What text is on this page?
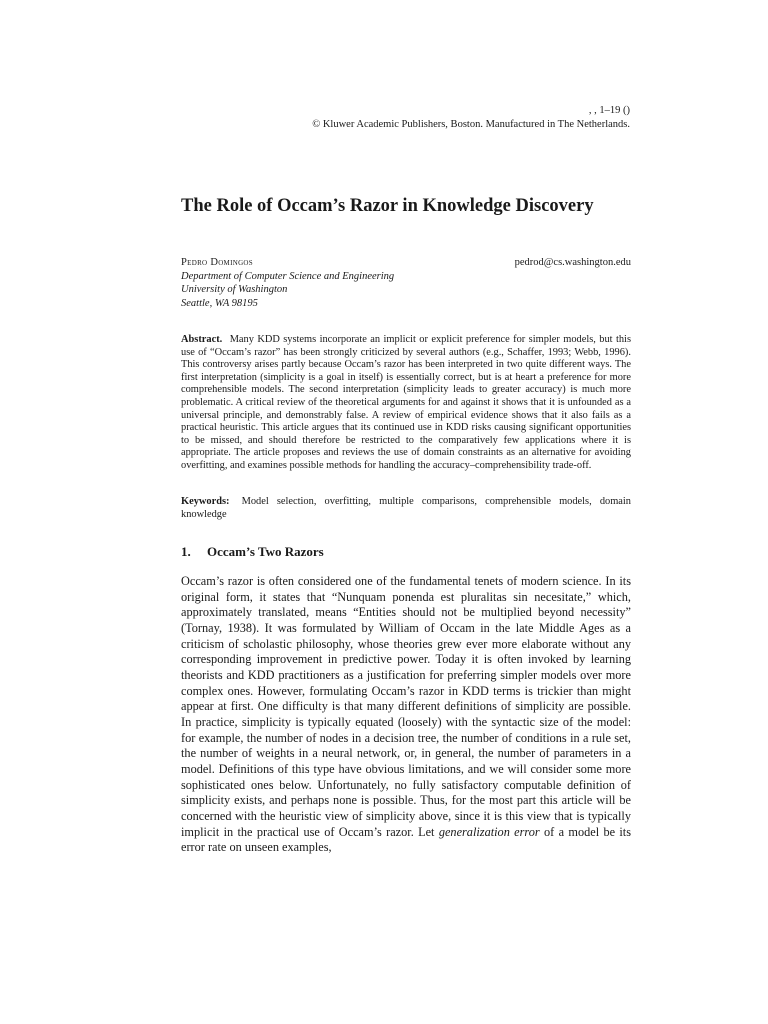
, , 1–19 ()
© Kluwer Academic Publishers, Boston. Manufactured in The Netherlands.
The Role of Occam’s Razor in Knowledge Discovery
Pedro Domingos	pedrod@cs.washington.edu
Department of Computer Science and Engineering
University of Washington
Seattle, WA 98195

Abstract. Many KDD systems incorporate an implicit or explicit preference for simpler models, but this use of “Occam’s razor” has been strongly criticized by several authors (e.g., Schaffer, 1993; Webb, 1996). This controversy arises partly because Occam’s razor has been interpreted in two quite different ways. The first interpretation (simplicity is a goal in itself) is essentially correct, but is at heart a preference for more comprehensible models. The second interpretation (simplicity leads to greater accuracy) is much more problematic. A critical review of the theoretical arguments for and against it shows that it is unfounded as a universal principle, and demonstrably false. A review of empirical evidence shows that it also fails as a practical heuristic. This article argues that its continued use in KDD risks causing significant opportunities to be missed, and should therefore be restricted to the comparatively few applications where it is appropriate. The article proposes and reviews the use of domain constraints as an alternative for avoiding overfitting, and examines possible methods for handling the accuracy–comprehensibility trade-off.

Keywords: Model selection, overfitting, multiple comparisons, comprehensible models, domain knowledge

1. Occam’s Two Razors

Occam’s razor is often considered one of the fundamental tenets of modern science. In its original form, it states that “Nunquam ponenda est pluralitas sin necesitate,” which, approximately translated, means “Entities should not be multiplied beyond necessity” (Tornay, 1938). It was formulated by William of Occam in the late Middle Ages as a criticism of scholastic philosophy, whose theories grew ever more elaborate without any corresponding improvement in predictive power. Today it is often invoked by learning theorists and KDD practitioners as a justification for preferring simpler models over more complex ones. However, formulating Occam’s razor in KDD terms is trickier than might appear at first. One difficulty is that many different definitions of simplicity are possible. In practice, simplicity is typically equated (loosely) with the syntactic size of the model: for example, the number of nodes in a decision tree, the number of conditions in a rule set, the number of weights in a neural network, or, in general, the number of parameters in a model. Definitions of this type have obvious limitations, and we will consider some more sophisticated ones below. Unfortunately, no fully satisfactory computable definition of simplicity exists, and perhaps none is possible. Thus, for the most part this article will be concerned with the heuristic view of simplicity above, since it is this view that is typically implicit in the practical use of Occam’s razor. Let generalization error of a model be its error rate on unseen examples,
